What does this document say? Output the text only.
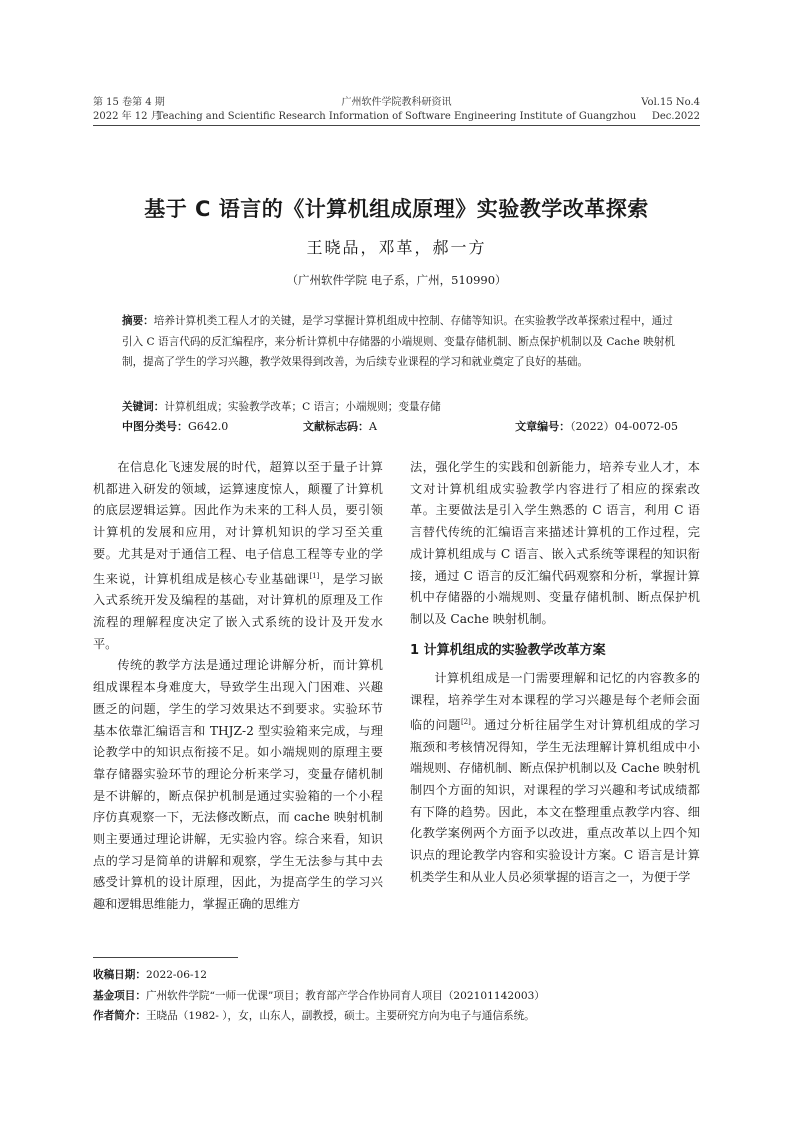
第 15 卷第 4 期
2022 年 12 月
广州软件学院教科研资讯
Teaching and Scientific Research Information of Software Engineering Institute of Guangzhou
Vol.15 No.4
Dec.2022
基于 C 语言的《计算机组成原理》实验教学改革探索
王晓品，邓革，郝一方
（广州软件学院 电子系，广州，510990）
摘要：培养计算机类工程人才的关键，是学习掌握计算机组成中控制、存储等知识。在实验教学改革探索过程中，通过引入 C 语言代码的反汇编程序，来分析计算机中存储器的小端规则、变量存储机制、断点保护机制以及 Cache 映射机制，提高了学生的学习兴趣，教学效果得到改善，为后续专业课程的学习和就业奠定了良好的基础。
关键词：计算机组成；实验教学改革；C 语言；小端规则；变量存储
中图分类号：G642.0	文献标志码：A	文章编号：（2022）04-0072-05

在信息化飞速发展的时代，超算以至于量子计算机都进入研发的领域，运算速度惊人，颠覆了计算机的底层逻辑运算。因此作为未来的工科人员，要引领计算机的发展和应用，对计算机知识的学习至关重要。尤其是对于通信工程、电子信息工程等专业的学生来说，计算机组成是核心专业基础课[1]，是学习嵌入式系统开发及编程的基础，对计算机的原理及工作流程的理解程度决定了嵌入式系统的设计及开发水平。

传统的教学方法是通过理论讲解分析，而计算机组成课程本身难度大，导致学生出现入门困难、兴趣匮乏的问题，学生的学习效果达不到要求。实验环节基本依靠汇编语言和 THJZ-2 型实验箱来完成，与理论教学中的知识点衔接不足。如小端规则的原理主要靠存储器实验环节的理论分析来学习，变量存储机制是不讲解的，断点保护机制是通过实验箱的一个小程序仿真观察一下，无法修改断点，而 cache 映射机制则主要通过理论讲解，无实验内容。综合来看，知识点的学习是简单的讲解和观察，学生无法参与其中去感受计算机的设计原理，因此，为提高学生的学习兴趣和逻辑思维能力，掌握正确的思维方

法，强化学生的实践和创新能力，培养专业人才，本文对计算机组成实验教学内容进行了相应的探索改革。主要做法是引入学生熟悉的 C 语言，利用 C 语言替代传统的汇编语言来描述计算机的工作过程，完成计算机组成与 C 语言、嵌入式系统等课程的知识衔接，通过 C 语言的反汇编代码观察和分析，掌握计算机中存储器的小端规则、变量存储机制、断点保护机制以及 Cache 映射机制。

1 计算机组成的实验教学改革方案

计算机组成是一门需要理解和记忆的内容教多的课程，培养学生对本课程的学习兴趣是每个老师会面临的问题[2]。通过分析往届学生对计算机组成的学习瓶颈和考核情况得知，学生无法理解计算机组成中小端规则、存储机制、断点保护机制以及 Cache 映射机制四个方面的知识，对课程的学习兴趣和考试成绩都有下降的趋势。因此，本文在整理重点教学内容、细化教学案例两个方面予以改进，重点改革以上四个知识点的理论教学内容和实验设计方案。C 语言是计算机类学生和从业人员必须掌握的语言之一，为便于学

收稿日期：2022-06-12
基金项目：广州软件学院“一师一优课”项目；教育部产学合作协同育人项目（202101142003）
作者简介：王晓品（1982- ），女，山东人，副教授，硕士。主要研究方向为电子与通信系统。
